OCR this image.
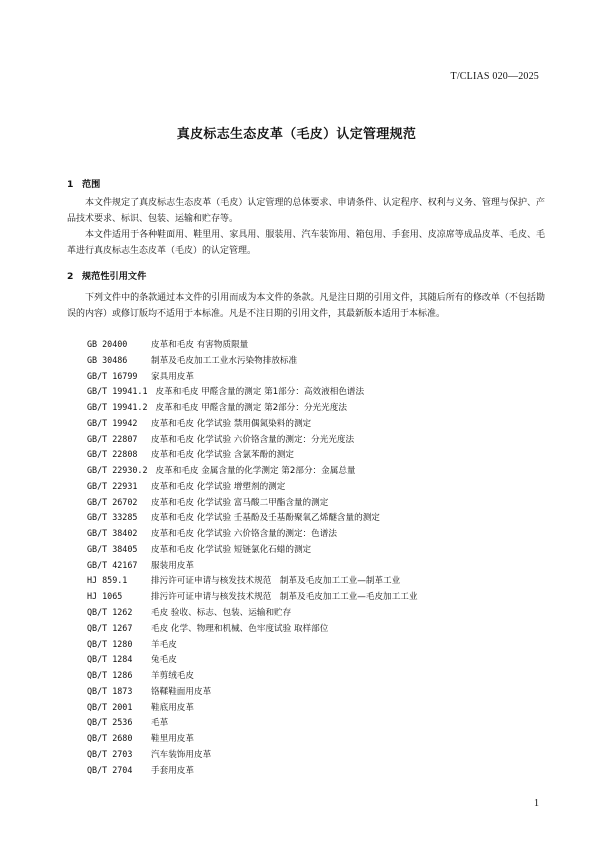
T/CLIAS 020—2025
真皮标志生态皮革（毛皮）认定管理规范
1 范围

本文件规定了真皮标志生态皮革（毛皮）认定管理的总体要求、申请条件、认定程序、权利与义务、管理与保护、产品技术要求、标识、包装、运输和贮存等。

本文件适用于各种鞋面用、鞋里用、家具用、服装用、汽车装饰用、箱包用、手套用、皮凉席等成品皮革、毛皮、毛革进行真皮标志生态皮革（毛皮）的认定管理。

2 规范性引用文件

下列文件中的条款通过本文件的引用而成为本文件的条款。凡是注日期的引用文件，其随后所有的修改单（不包括勘误的内容）或修订版均不适用于本标准。凡是不注日期的引用文件，其最新版本适用于本标准。

GB 20400	皮革和毛皮 有害物质限量
GB 30486	制革及毛皮加工工业水污染物排放标准
GB/T 16799 家具用皮革
GB/T 19941.1 皮革和毛皮 甲醛含量的测定 第1部分：高效液相色谱法
GB/T 19941.2 皮革和毛皮 甲醛含量的测定 第2部分：分光光度法
GB/T 19942 皮革和毛皮 化学试验 禁用偶氮染料的测定
GB/T 22807 皮革和毛皮 化学试验 六价铬含量的测定：分光光度法
GB/T 22808 皮革和毛皮 化学试验 含氯苯酚的测定
GB/T 22930.2 皮革和毛皮 金属含量的化学测定 第2部分：金属总量
GB/T 22931 皮革和毛皮 化学试验 增塑剂的测定
GB/T 26702 皮革和毛皮 化学试验 富马酸二甲酯含量的测定
GB/T 33285 皮革和毛皮 化学试验 壬基酚及壬基酚聚氧乙烯醚含量的测定
GB/T 38402 皮革和毛皮 化学试验 六价铬含量的测定：色谱法
GB/T 38405 皮革和毛皮 化学试验 短链氯化石蜡的测定
GB/T 42167 服装用皮革
HJ 859.1	排污许可证申请与核发技术规范　制革及毛皮加工工业—制革工业
HJ 1065	排污许可证申请与核发技术规范　制革及毛皮加工工业—毛皮加工工业
QB/T 1262 毛皮 验收、标志、包装、运输和贮存
QB/T 1267 毛皮 化学、物理和机械、色牢度试验 取样部位
QB/T 1280 羊毛皮
QB/T 1284 兔毛皮
QB/T 1286 羊剪绒毛皮
QB/T 1873 铬鞣鞋面用皮革
QB/T 2001 鞋底用皮革
QB/T 2536 毛革
QB/T 2680 鞋里用皮革
QB/T 2703 汽车装饰用皮革
QB/T 2704 手套用皮革
1
